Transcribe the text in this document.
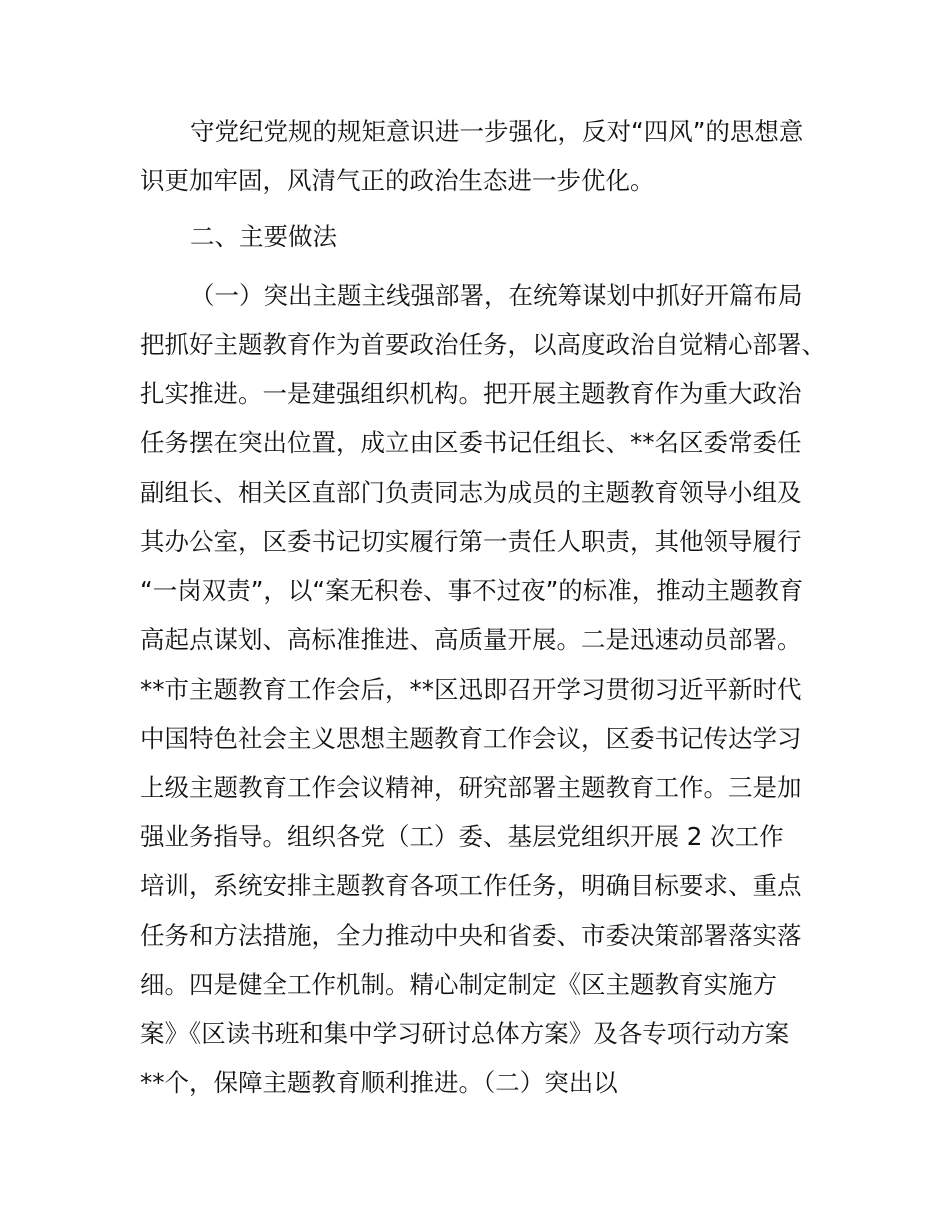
守党纪党规的规矩意识进一步强化，反对“四风”的思想意
识更加牢固，风清气正的政治生态进一步优化。
二、主要做法
（一）突出主题主线强部署，在统筹谋划中抓好开篇布局
把抓好主题教育作为首要政治任务，以高度政治自觉精心部署、
扎实推进。一是建强组织机构。把开展主题教育作为重大政治
任务摆在突出位置，成立由区委书记任组长、**名区委常委任
副组长、相关区直部门负责同志为成员的主题教育领导小组及
其办公室，区委书记切实履行第一责任人职责，其他领导履行
“一岗双责”，以“案无积卷、事不过夜”的标准，推动主题教育
高起点谋划、高标准推进、高质量开展。二是迅速动员部署。
**市主题教育工作会后，**区迅即召开学习贯彻习近平新时代
中国特色社会主义思想主题教育工作会议，区委书记传达学习
上级主题教育工作会议精神，研究部署主题教育工作。三是加
强业务指导。组织各党（工）委、基层党组织开展 2 次工作
培训，系统安排主题教育各项工作任务，明确目标要求、重点
任务和方法措施，全力推动中央和省委、市委决策部署落实落
细。四是健全工作机制。精心制定制定《区主题教育实施方
案》《区读书班和集中学习研讨总体方案》及各专项行动方案
**个，保障主题教育顺利推进。（二）突出以
